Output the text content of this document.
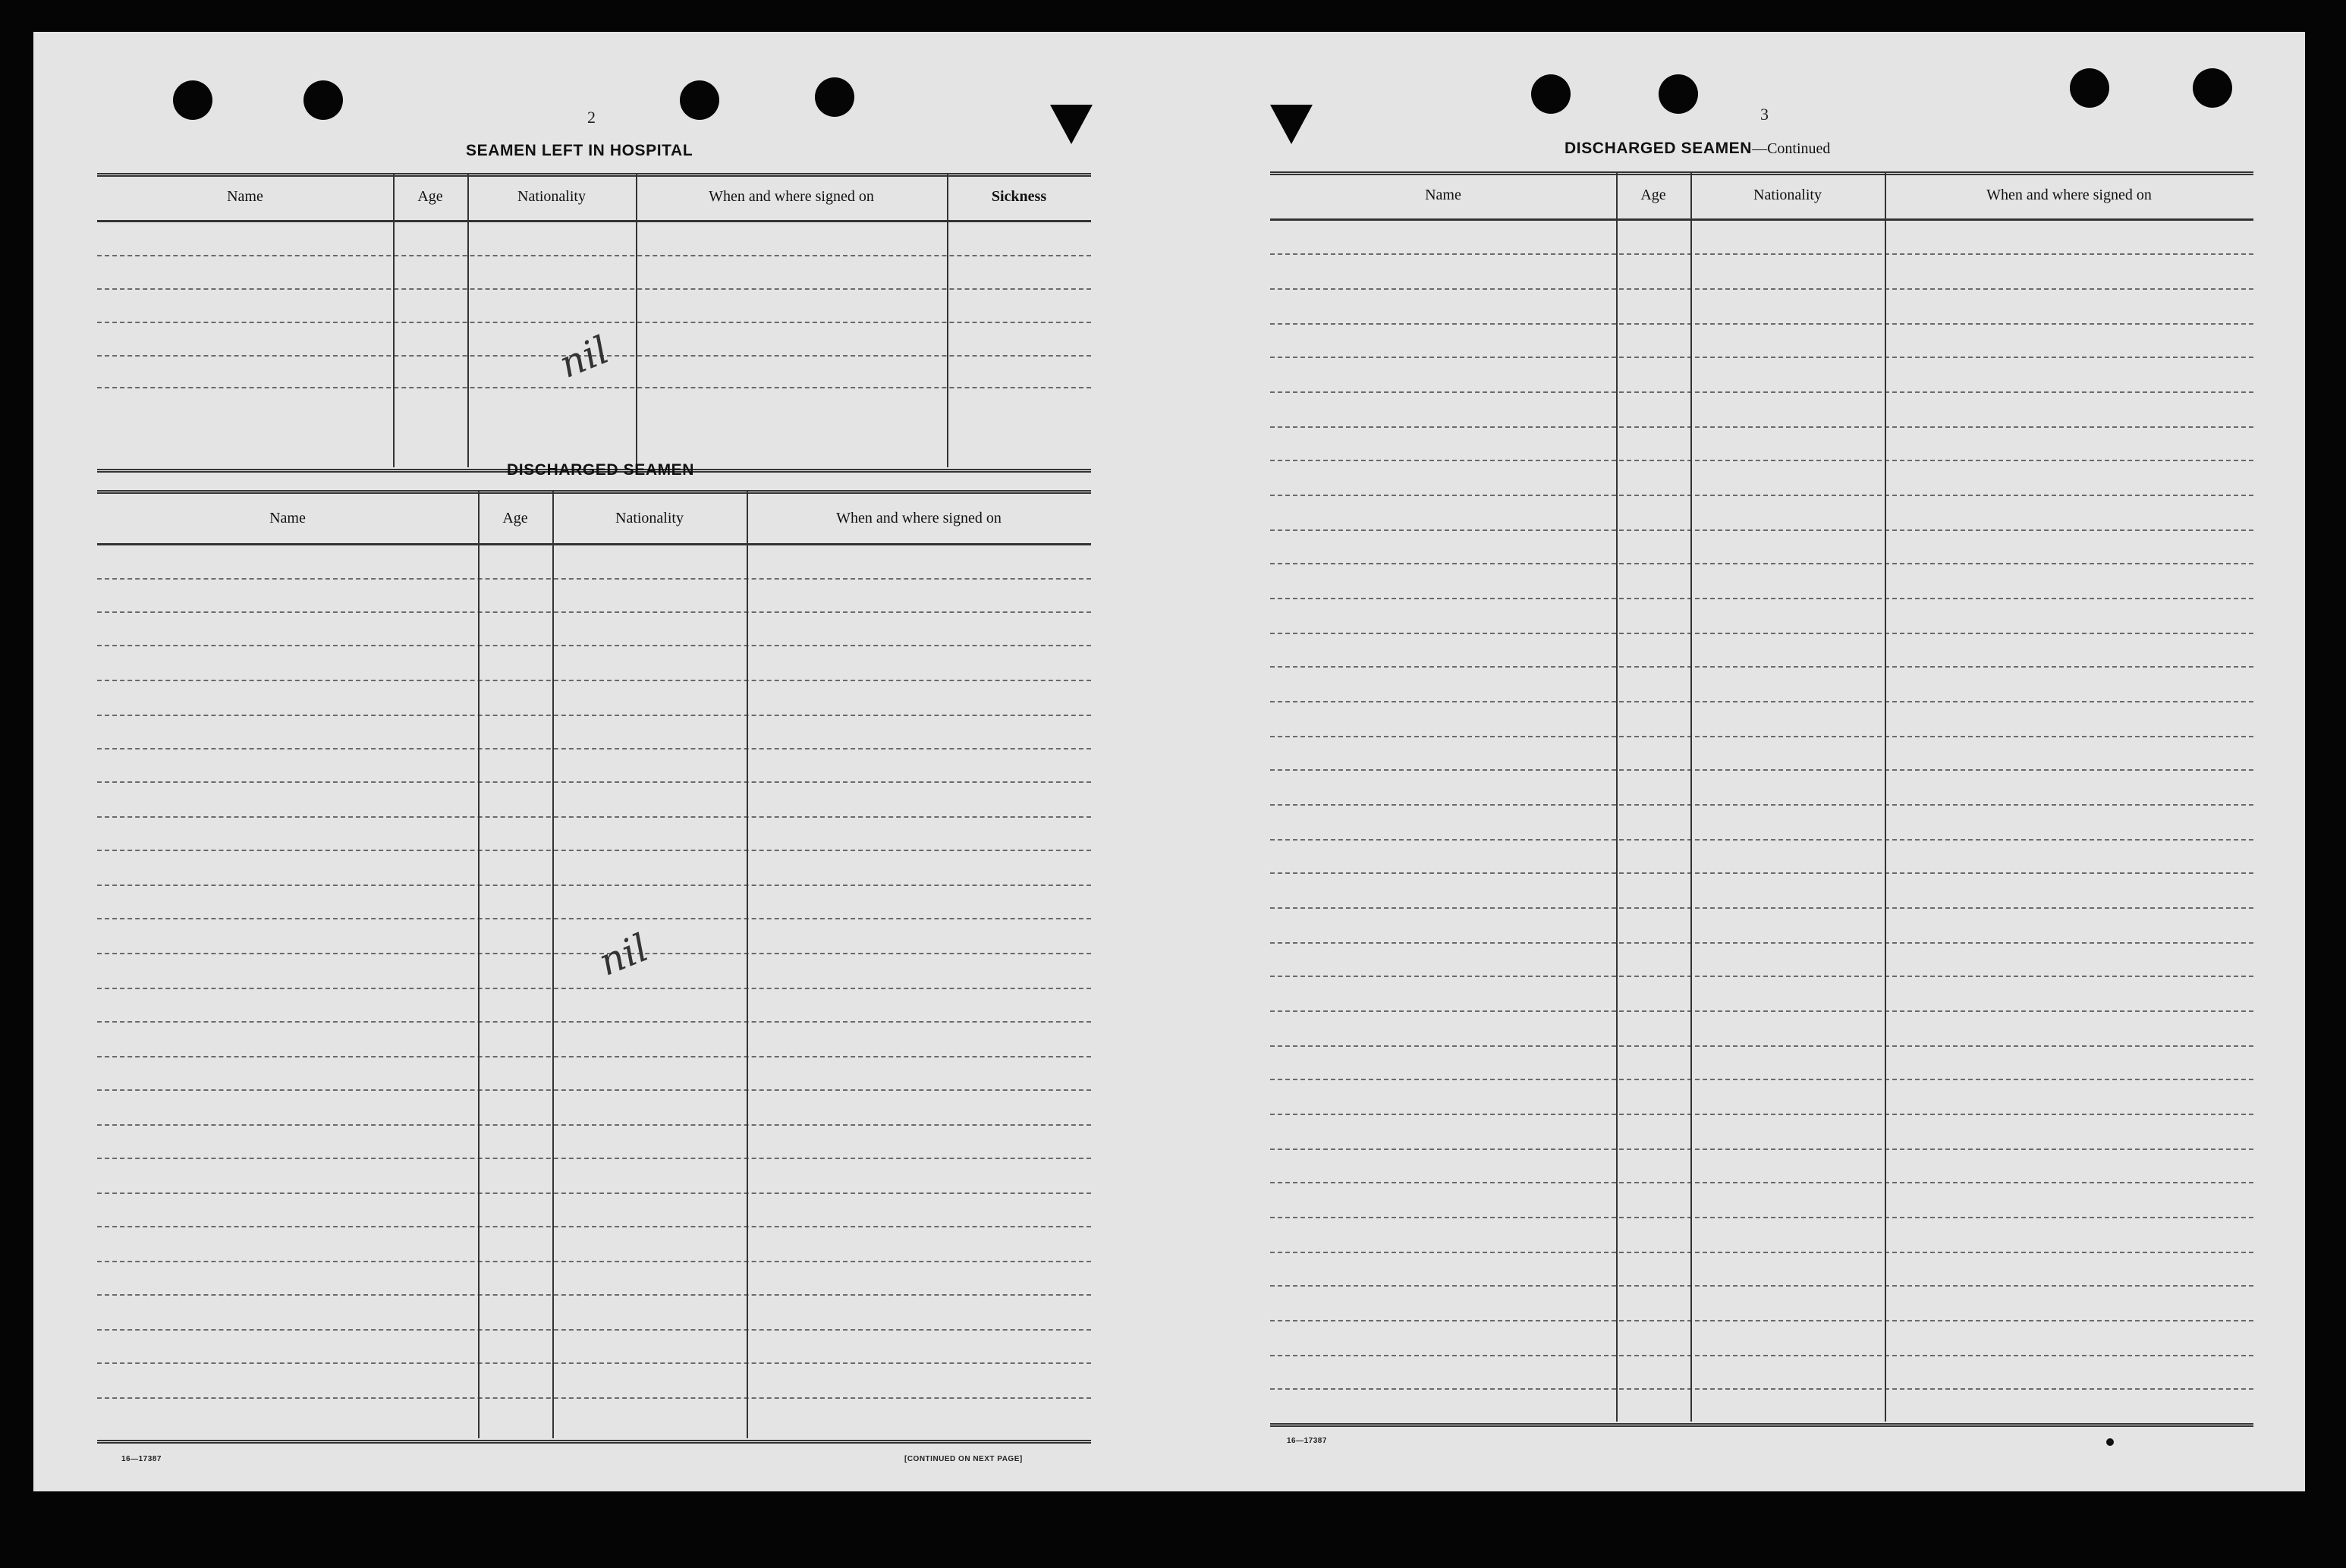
2
SEAMEN LEFT IN HOSPITAL
Name	Age	Nationality	When and where signed on	Sickness
nil
DISCHARGED SEAMEN
Name	Age	Nationality	When and where signed on
nil
16—17387	[CONTINUED ON NEXT PAGE]
3
DISCHARGED SEAMEN—Continued
Name	Age	Nationality	When and where signed on
16—17387
